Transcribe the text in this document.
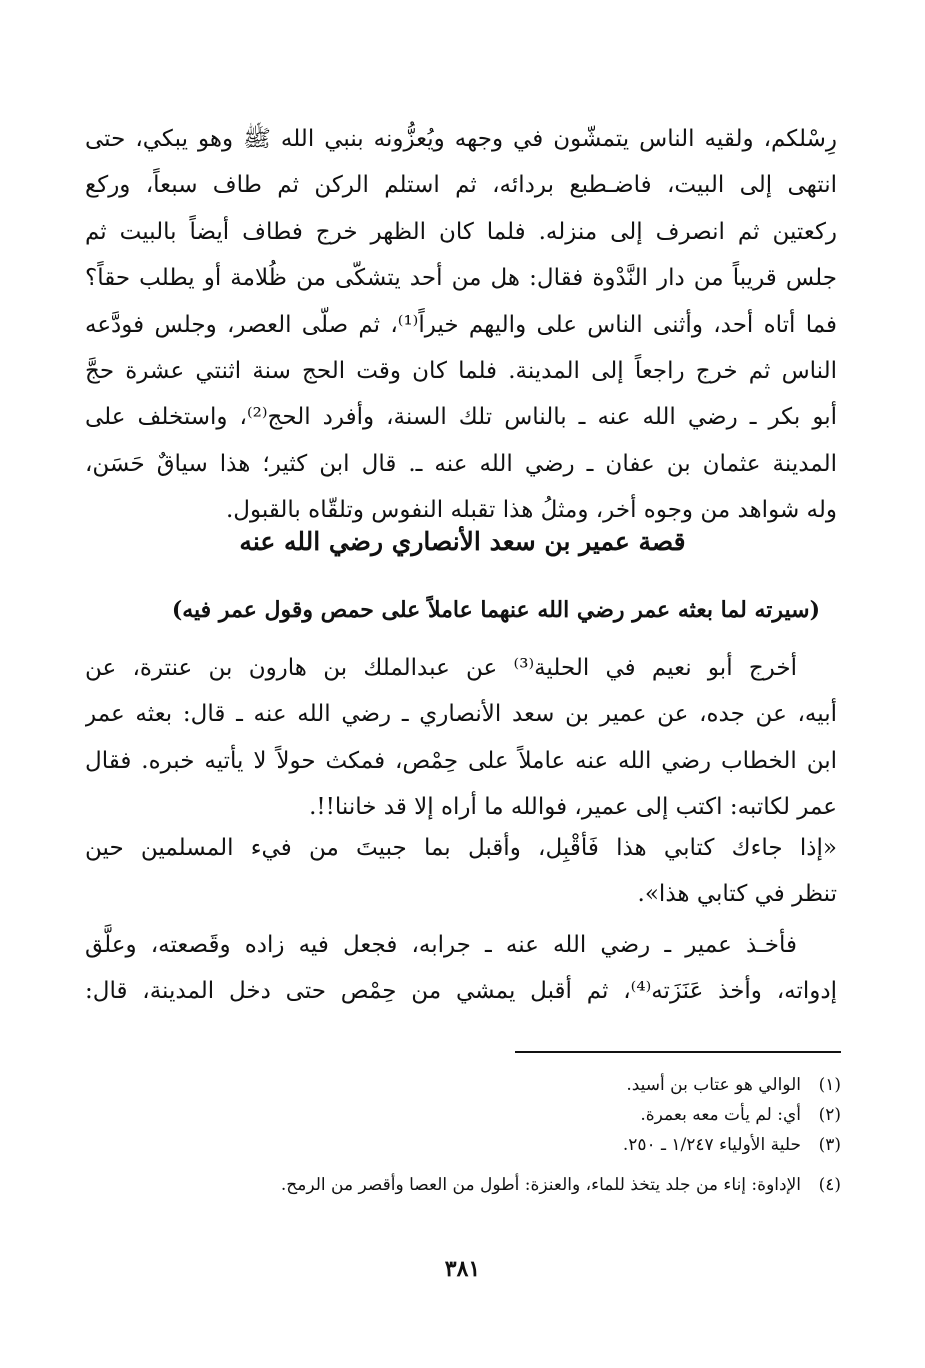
رِسْلكم، ولقيه الناس يتمشّون في وجهه ويُعزُّونه بنبي الله ﷺ وهو يبكي، حتى
انتهى إلى البيت، فاضـطبع بردائه، ثم استلم الركن ثم طاف سبعاً، وركع
ركعتين ثم انصرف إلى منزله. فلما كان الظهر خرج فطاف أيضاً بالبيت ثم
جلس قريباً من دار النَّدْوة فقال: هل من أحد يتشكّى من ظُلامة أو يطلب حقاً؟
فما أتاه أحد، وأثنى الناس على واليهم خيراً⁽¹⁾، ثم صلّى العصر، وجلس فودَّعه
الناس ثم خرج راجعاً إلى المدينة. فلما كان وقت الحج سنة اثنتي عشرة حجَّ
أبو بكر ـ رضي الله عنه ـ بالناس تلك السنة، وأفرد الحج⁽²⁾، واستخلف على
المدينة عثمان بن عفان ـ رضي الله عنه ـ. قال ابن كثير؛ هذا سياقٌ حَسَن،
وله شواهد من وجوه أخر، ومثلُ هذا تقبله النفوس وتلقّاه بالقبول.
قصة عمير بن سعد الأنصاري رضي الله عنه
(سيرته لما بعثه عمر رضي الله عنهما عاملاً على حمص وقول عمر فيه)
أخرج أبو نعيم في الحلية⁽³⁾ عن عبدالملك بن هارون بن عنترة، عن
أبيه، عن جده، عن عمير بن سعد الأنصاري ـ رضي الله عنه ـ قال: بعثه عمر
ابن الخطاب رضي الله عنه عاملاً على حِمْص، فمكث حولاً لا يأتيه خبره. فقال
عمر لكاتبه: اكتب إلى عمير، فوالله ما أراه إلا قد خاننا!!.
«إذا جاءك كتابي هذا فَأقْبِل، وأقبل بما جبيتَ من فيء المسلمين حين
تنظر في كتابي هذا».
فأخـذ عمير ـ رضي الله عنه ـ جرابه، فجعل فيه زاده وقَصعته، وعلَّق
إدواته، وأخذ عَنَزَته⁽⁴⁾، ثم أقبل يمشي من حِمْص حتى دخل المدينة، قال:
(١)
الوالي هو عتاب بن أسيد.
(٢)
أي: لم يأت معه بعمرة.
(٣)
حلية الأولياء ١/٢٤٧ ـ ٢٥٠.
(٤)
الإداوة: إناء من جلد يتخذ للماء، والعنزة: أطول من العصا وأقصر من الرمح.
٣٨١
